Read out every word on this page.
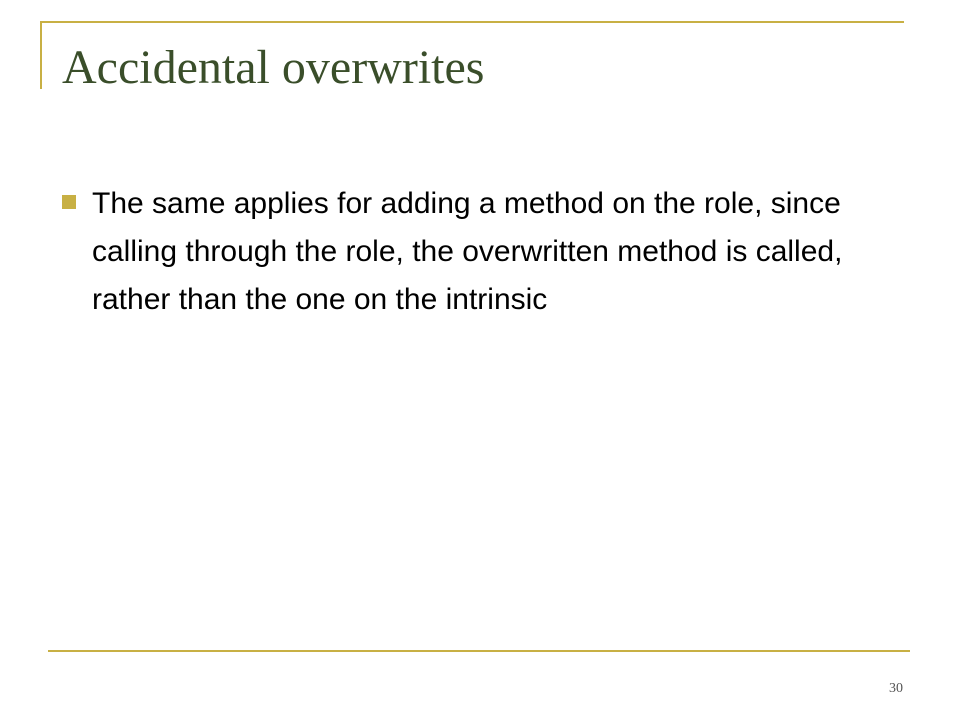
Accidental overwrites
The same applies for adding a method on the role, since calling through the role, the overwritten method is called, rather than the one on the intrinsic
30
